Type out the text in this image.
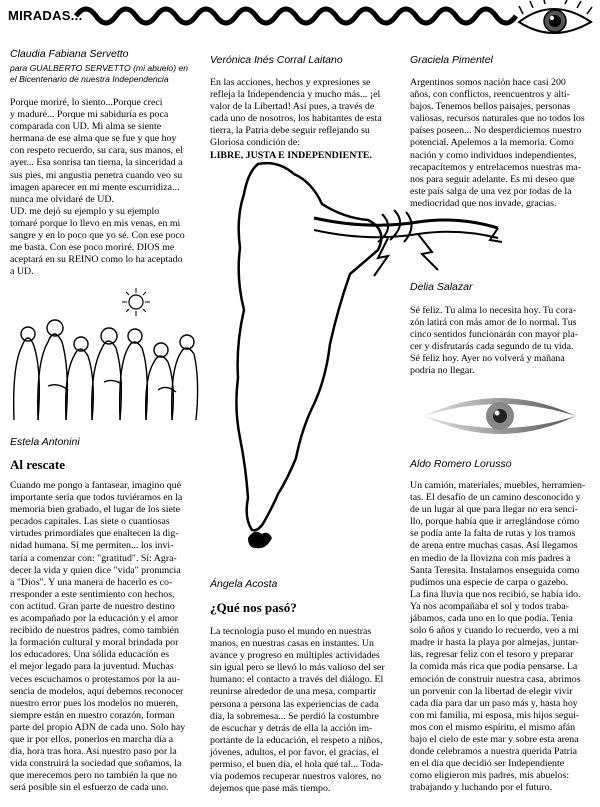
MIRADAS...
Claudia Fabiana Servetto
para GUALBERTO SERVETTO (mi abuelo) en
el Bicentenario de nuestra Independencia
Porque moriré, lo siento...Porque creci
y maduré... Porque mi sabiduría es poca
comparada con UD. Mi alma se siente
hermana de ese alma que se fue y que hoy
con respeto recuerdo, su cara, sus manos, el
ayer... Esa sonrisa tan tierna, la sinceridad a
sus pies, mi angustia penetra cuando veo su
imagen aparecer en mi mente escurridiza...
nunca me olvidaré de UD.
UD. me dejó su ejemplo y su ejemplo
tomaré porque lo llevo en mis venas, en mi
sangre y en lo poco que yo sé. Con ese poco
me basta. Con ese poco moriré. DIOS me
aceptará en su REINO como lo ha aceptado
a UD.
Estela Antonini
Al rescate
Cuando me pongo a fantasear, imagino qué
importante sería que todos tuviéramos en la
memoria bien grabado, el lugar de los siete
pecados capitales. Las siete o cuantiosas
virtudes primordiales que enaltecen la dig-
nidad humana. Si me permiten... los invi-
taría a comenzar con: "gratitud". Sí: Agra-
decer la vida y quien dice "vida" pronuncia
a "Dios". Y una manera de hacerlo es co-
rresponder a este sentimiento con hechos,
con actitud. Gran parte de nuestro destino
es acompañado por la educación y el amor
recibido de nuestros padres, como también
la formación cultural y moral brindada por
los educadores. Una sólida educación es
el mejor legado para la juventud. Muchas
veces escuchamos o protestamos por la au-
sencia de modelos, aquí debemos reconocer
nuestro error pues los modelos no mueren,
siempre están en nuestro corazón, forman
parte del propio ADN de cada uno. Solo hay
que ir por ellos, ponerlos en marcha día a
día, hora tras hora. Así nuestro paso por la
vida construirá la sociedad que soñamos, la
que merecemos pero no también la que no
será posible sin el esfuerzo de cada uno.
Verónica Inés Corral Laitano
En las acciones, hechos y expresiones se
refleja la Independencia y mucho más... ¡el
valor de la Libertad! Así pues, a través de
cada uno de nosotros, los habitantes de esta
tierra, la Patria debe seguir reflejando su
Gloriosa condición de:
LIBRE, JUSTA E INDEPENDIENTE.
Ángela Acosta
¿Qué nos pasó?
La tecnología puso el mundo en nuestras
manos, en nuestras casas en instantes. Un
avance y progreso en múltiples actividades
sin igual pero se llevó lo más valioso del ser
humano: el contacto a través del diálogo. El
reunirse alrededor de una mesa, compartir
persona a persona las experiencias de cada
día, la sobremesa... Se perdió la costumbre
de escuchar y detrás de ella la acción im-
portante de la educación, el respeto a niños,
jóvenes, adultos, el por favor, el gracias, el
permiso, el buen día, el hola qué tal... Toda-
vía podemos recuperar nuestros valores, no
dejemos que pase más tiempo.
Graciela Pimentel
Argentinos somos nación hace casi 200
años, con conflictos, reencuentros y alti-
bajos. Tenemos bellos paisajes, personas
valiosas, recursos naturales que no todos los
países poseen... No desperdiciemos nuestro
potencial. Apelemos a la memoria. Como
nación y como individuos independientes,
recapacitemos y entrelacemos nuestras ma-
nos para seguir adelante. Es mi deseo que
este país salga de una vez por todas de la
mediocridad que nos invade, gracias.
Delia Salazar
Sé feliz. Tu alma lo necesita hoy. Tu cora-
zón latirá con más amor de lo normal. Tus
cinco sentidos funcionarán con mayor pla-
cer y disfrutarás cada segundo de tu vida.
Sé feliz hoy. Ayer no volverá y mañana
podría no llegar.
Aldo Romero Lorusso
Un camión, materiales, muebles, herramien-
tas. El desafío de un camino desconocido y
de un lugar al que para llegar no era senci-
llo, porque había que ir arreglándose cómo
se podía ante la falta de rutas y los tramos
de arena entre muchas casas. Así llegamos
en medio de la llovizna con mis padres a
Santa Teresita. Instalamos enseguida como
pudimos una especie de carpa o gazebo.
La fina lluvia que nos recibió, se había ido.
Ya nos acompañaba el sol y todos traba-
jábamos, cada uno en lo que podía. Tenía
solo 6 años y cuando lo recuerdo, veo a mi
madre ir hasta la playa por almejas, juntar-
las, regresar feliz con el tesoro y preparar
la comida más rica que podía pensarse. La
emoción de construir nuestra casa, abrimos
un porvenir con la libertad de elegir vivir
cada día para dar un paso más y, hasta hoy
con mi familia, mi esposa, mis hijos segui-
mos con el mismo espíritu, el mismo afán
bajo el cielo de este mar y sobre esta arena
donde celebramos a nuestra querida Patria
en el día que decidió ser Independiente
como eligieron mis padres, mis abuelos:
trabajando y luchando por el futuro.
